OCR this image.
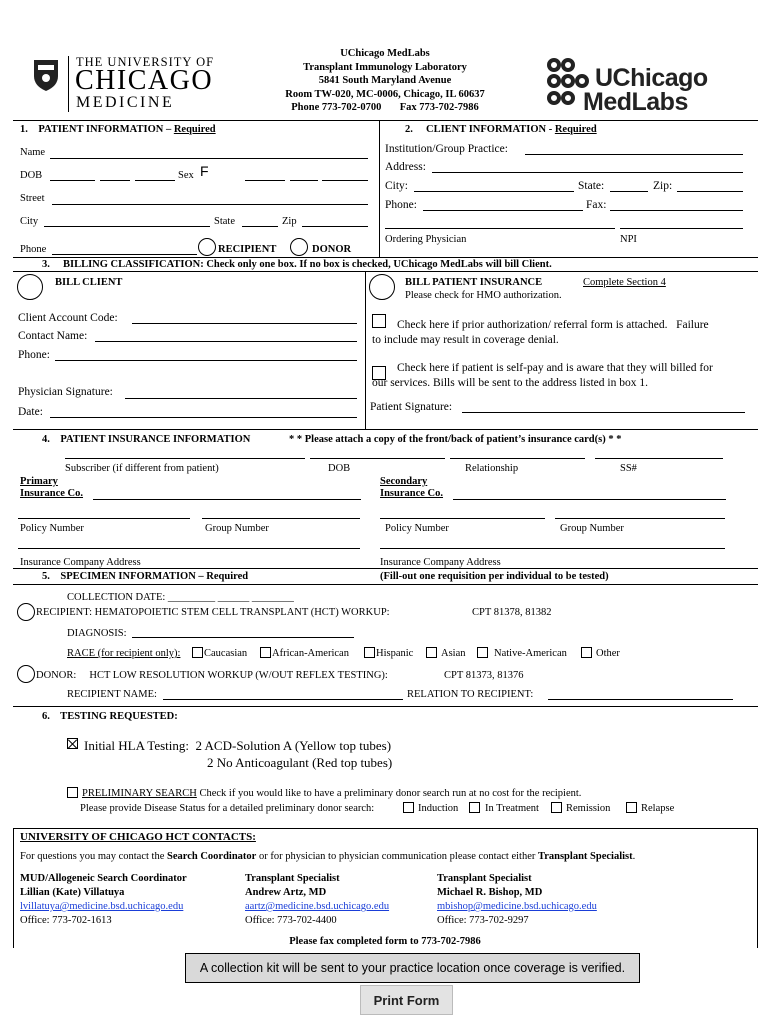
THE UNIVERSITY OF
CHICAGO
MEDICINE
UChicago MedLabs
Transplant Immunology Laboratory
5841 South Maryland Avenue
Room TW-020, MC-0006, Chicago, IL 60637
Phone 773-702-0700       Fax 773-702-7986
UChicago
MedLabs
1.    PATIENT INFORMATION – Required
Name
DOB	Sex F
Street
City	State	Zip
Phone	RECIPIENT	DONOR
2.     CLIENT INFORMATION - Required
Institution/Group Practice:
Address:
City:	State:	Zip:
Phone:	Fax:
Ordering Physician	NPI
3.     BILLING CLASSIFICATION: Check only one box. If no box is checked, UChicago MedLabs will bill Client.
BILL CLIENT
Client Account Code:
Contact Name:
Phone:
Physician Signature:
Date:
BILL PATIENT INSURANCE	Complete Section 4
Please check for HMO authorization.
Check here if prior authorization/ referral form is attached.   Failure
to include may result in coverage denial.
Check here if patient is self-pay and is aware that they will billed for
our services. Bills will be sent to the address listed in box 1.
Patient Signature:
4.    PATIENT INSURANCE INFORMATION	* * Please attach a copy of the front/back of patient’s insurance card(s) * *
Subscriber (if different from patient)	DOB	Relationship	SS#
Primary
Insurance Co.
Secondary
Insurance Co.
Policy Number	Group Number	Policy Number	Group Number
Insurance Company Address	Insurance Company Address
5.    SPECIMEN INFORMATION – Required	(Fill-out one requisition per individual to be tested)
COLLECTION DATE: _________ ______ ________
RECIPIENT: HEMATOPOIETIC STEM CELL TRANSPLANT (HCT) WORKUP:	CPT 81378, 81382
DIAGNOSIS:
RACE (for recipient only): Caucasian African-American	Hispanic	Asian	Native-American	Other
DONOR:     HCT LOW RESOLUTION WORKUP (W/OUT REFLEX TESTING):	CPT 81373, 81376
RECIPIENT NAME:	RELATION TO RECIPIENT:
6.    TESTING REQUESTED:
Initial HLA Testing:  2 ACD-Solution A (Yellow top tubes)
2 No Anticoagulant (Red top tubes)
PRELIMINARY SEARCH Check if you would like to have a preliminary donor search run at no cost for the recipient.
Please provide Disease Status for a detailed preliminary donor search:	Induction	In Treatment	Remission	Relapse
UNIVERSITY OF CHICAGO HCT CONTACTS:
For questions you may contact the Search Coordinator or for physician to physician communication please contact either Transplant Specialist.
MUD/Allogeneic Search Coordinator
Lillian (Kate) Villatuya
lvillatuya@medicine.bsd.uchicago.edu
Office: 773-702-1613
Transplant Specialist
Andrew Artz, MD
aartz@medicine.bsd.uchicago.edu
Office: 773-702-4400
Transplant Specialist
Michael R. Bishop, MD
mbishop@medicine.bsd.uchicago.edu
Office: 773-702-9297
Please fax completed form to 773-702-7986
A collection kit will be sent to your practice location once coverage is verified.
Print Form
